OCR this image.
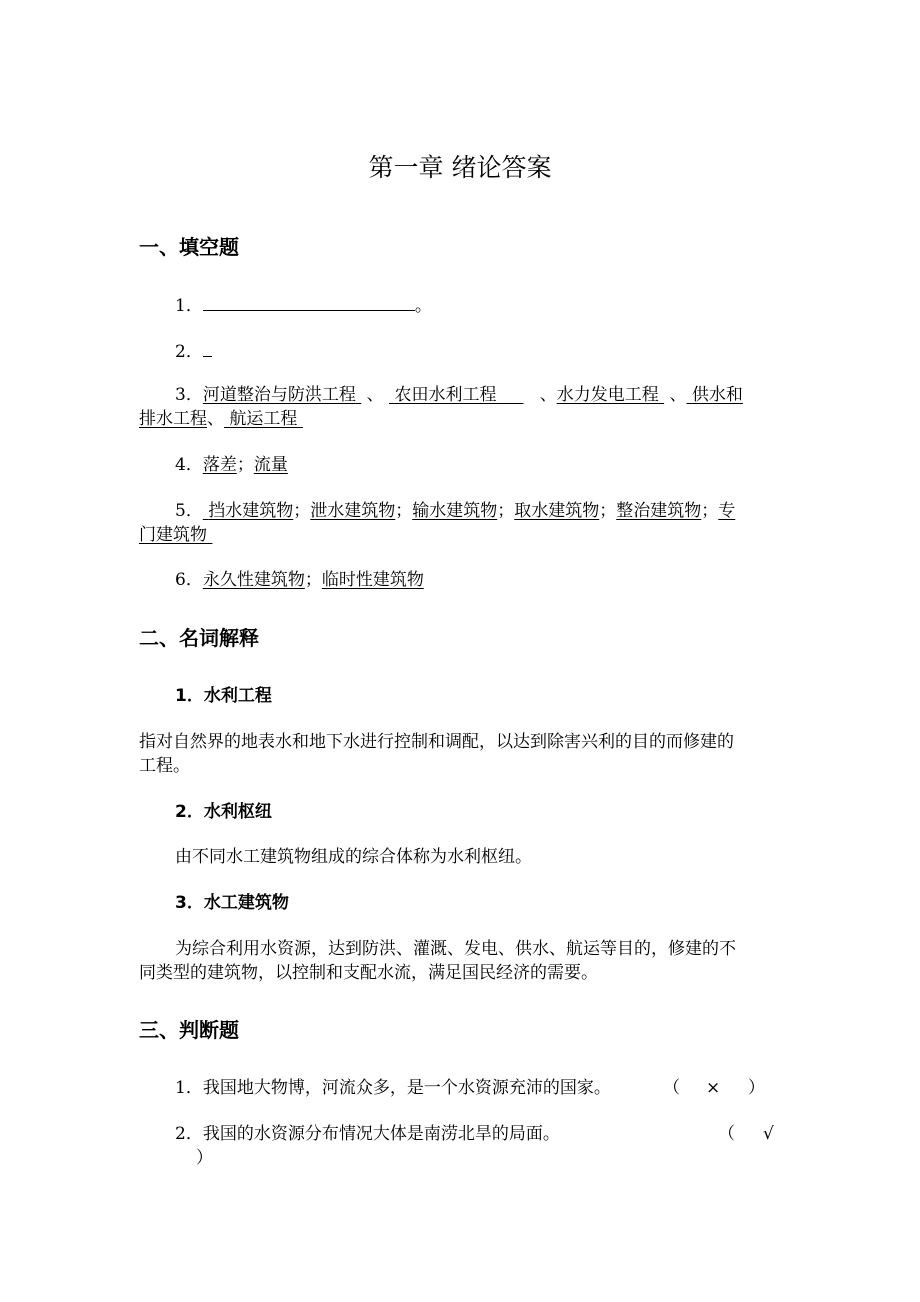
第一章 绪论答案
一、填空题
1．	。
2．
3．河道整治与防洪工程 、 农田水利工程	、水力发电工程 、 供水和
排水工程、 航运工程
4．落差；流量
5． 挡水建筑物；泄水建筑物；输水建筑物；取水建筑物；整治建筑物；专
门建筑物
6．永久性建筑物；临时性建筑物
二、名词解释
1．水利工程
指对自然界的地表水和地下水进行控制和调配，以达到除害兴利的目的而修建的
工程。
2．水利枢纽
由不同水工建筑物组成的综合体称为水利枢纽。
3．水工建筑物
为综合利用水资源，达到防洪、灌溉、发电、供水、航运等目的，修建的不
同类型的建筑物，以控制和支配水流，满足国民经济的需要。
三、判断题
1．我国地大物博，河流众多，是一个水资源充沛的国家。	（ × ）
2．我国的水资源分布情况大体是南涝北旱的局面。	（ √
）
